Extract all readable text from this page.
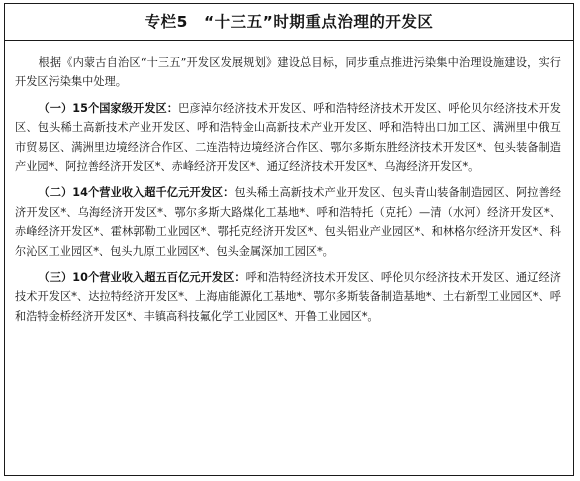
专栏5　“十三五”时期重点治理的开发区

根据《内蒙古自治区“十三五”开发区发展规划》建设总目标，同步重点推进污染集中治理设施建设，实行开发区污染集中处理。

（一）15个国家级开发区：巴彦淖尔经济技术开发区、呼和浩特经济技术开发区、呼伦贝尔经济技术开发区、包头稀土高新技术产业开发区、呼和浩特金山高新技术产业开发区、呼和浩特出口加工区、满洲里中俄互市贸易区、满洲里边境经济合作区、二连浩特边境经济合作区、鄂尔多斯东胜经济技术开发区*、包头装备制造产业园*、阿拉善经济开发区*、赤峰经济开发区*、通辽经济技术开发区*、乌海经济开发区*。

（二）14个营业收入超千亿元开发区：包头稀土高新技术产业开发区、包头青山装备制造园区、阿拉善经济开发区*、乌海经济开发区*、鄂尔多斯大路煤化工基地*、呼和浩特托（克托）—清（水河）经济开发区*、赤峰经济开发区*、霍林郭勒工业园区*、鄂托克经济开发区*、包头铝业产业园区*、和林格尔经济开发区*、科尔沁区工业园区*、包头九原工业园区*、包头金属深加工园区*。

（三）10个营业收入超五百亿元开发区：呼和浩特经济技术开发区、呼伦贝尔经济技术开发区、通辽经济技术开发区*、达拉特经济开发区*、上海庙能源化工基地*、鄂尔多斯装备制造基地*、土右新型工业园区*、呼和浩特金桥经济开发区*、丰镇高科技氟化学工业园区*、开鲁工业园区*。
